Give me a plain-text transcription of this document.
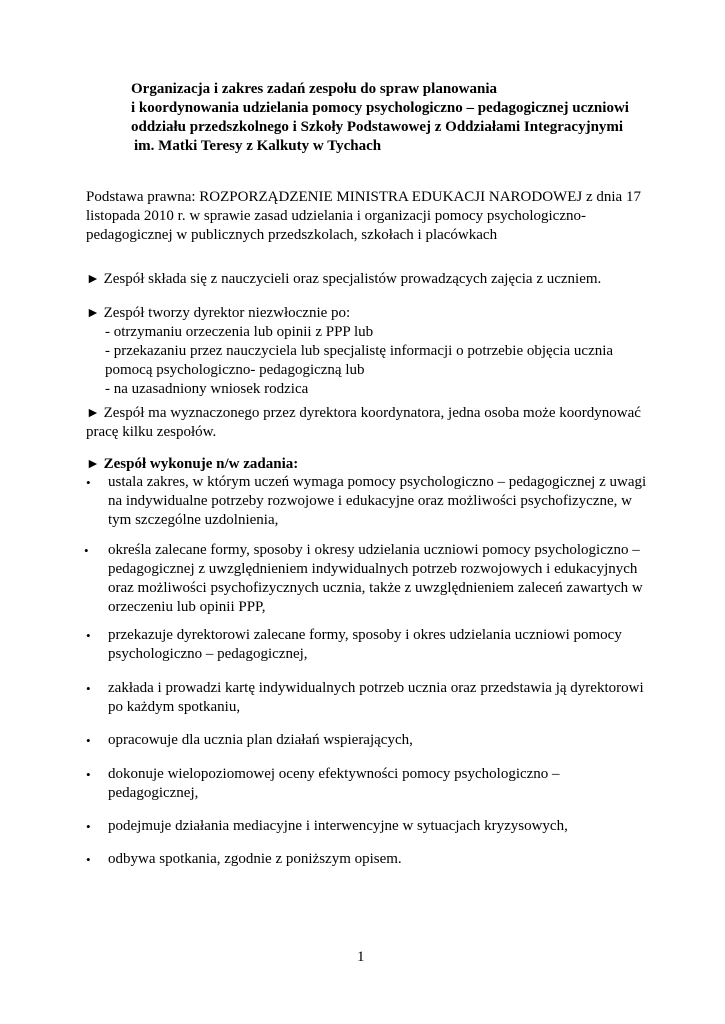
Organizacja i zakres zadań zespołu do spraw planowania
i koordynowania udzielania pomocy psychologiczno – pedagogicznej uczniowi
oddziału przedszkolnego i Szkoły Podstawowej z Oddziałami Integracyjnymi
im. Matki Teresy z Kalkuty w Tychach
Podstawa prawna: ROZPORZĄDZENIE MINISTRA EDUKACJI NARODOWEJ z dnia 17
listopada 2010 r. w sprawie zasad udzielania i organizacji pomocy psychologiczno-
pedagogicznej w publicznych przedszkolach, szkołach i placówkach
► Zespół składa się z nauczycieli oraz specjalistów prowadzących zajęcia z uczniem.
► Zespół tworzy dyrektor niezwłocznie po:
- otrzymaniu orzeczenia lub opinii z PPP lub
- przekazaniu przez nauczyciela lub specjalistę informacji o potrzebie objęcia ucznia
pomocą psychologiczno- pedagogiczną lub
- na uzasadniony wniosek rodzica
► Zespół ma wyznaczonego przez dyrektora koordynatora, jedna osoba może koordynować
pracę kilku zespołów.
► Zespół wykonuje n/w zadania:
•	ustala zakres, w którym uczeń wymaga pomocy psychologiczno – pedagogicznej z uwagi
na indywidualne potrzeby rozwojowe i edukacyjne oraz możliwości psychofizyczne, w
tym szczególne uzdolnienia,
•	określa zalecane formy, sposoby i okresy udzielania uczniowi pomocy psychologiczno –
pedagogicznej z uwzględnieniem indywidualnych potrzeb rozwojowych i edukacyjnych
oraz możliwości psychofizycznych ucznia, także z uwzględnieniem zaleceń zawartych w
orzeczeniu lub opinii PPP,
•	przekazuje dyrektorowi zalecane formy, sposoby i okres udzielania uczniowi pomocy
psychologiczno – pedagogicznej,
•	zakłada i prowadzi kartę indywidualnych potrzeb ucznia oraz przedstawia ją dyrektorowi
po każdym spotkaniu,
•	opracowuje dla ucznia plan działań wspierających,
•	dokonuje wielopoziomowej oceny efektywności pomocy psychologiczno –
pedagogicznej,
•	podejmuje działania mediacyjne i interwencyjne w sytuacjach kryzysowych,
•	odbywa spotkania, zgodnie z poniższym opisem.
1
